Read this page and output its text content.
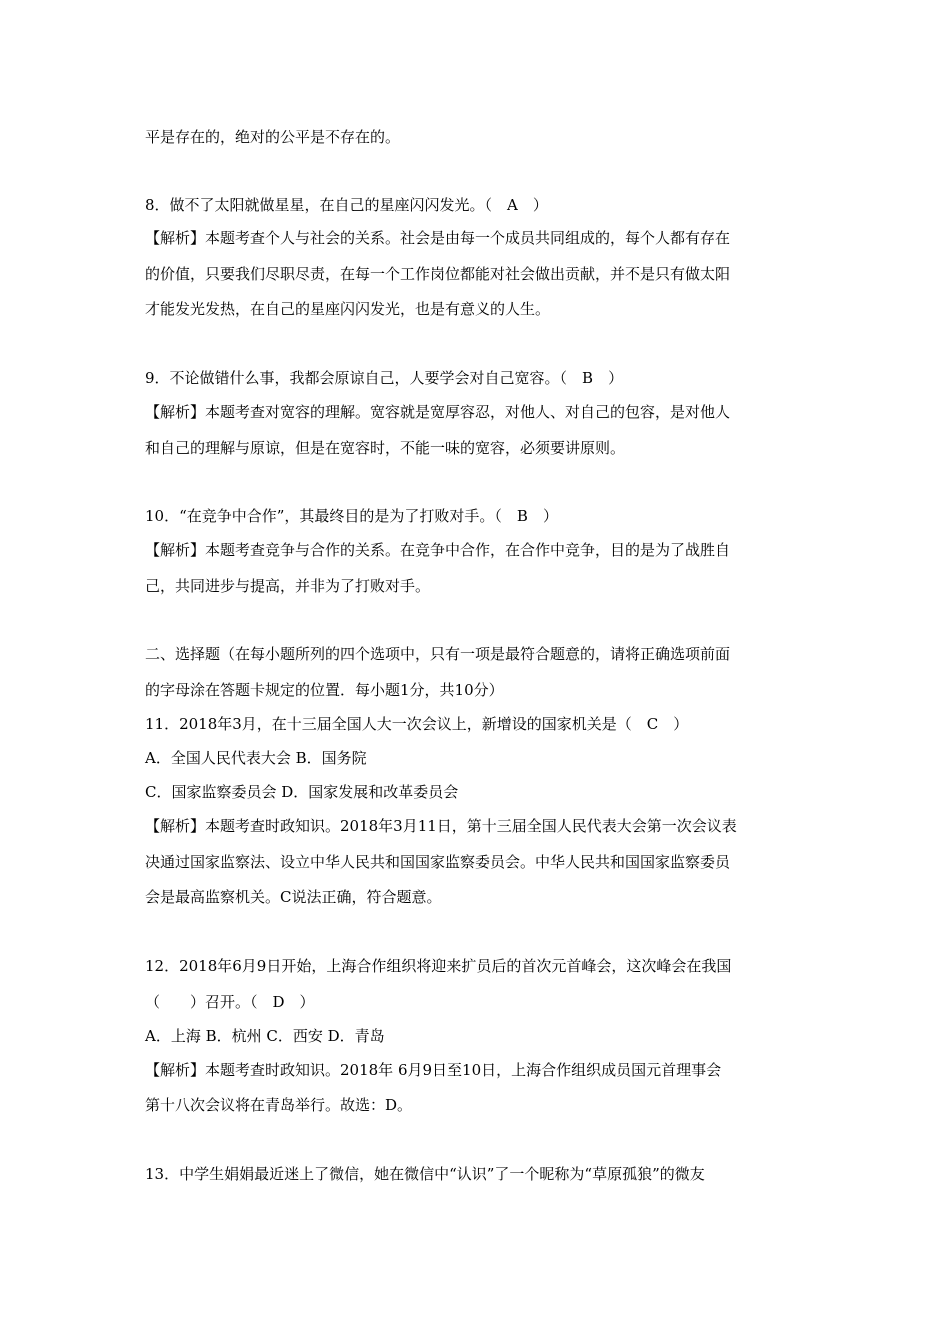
平是存在的，绝对的公平是不存在的。
8．做不了太阳就做星星，在自己的星座闪闪发光。（　A　）
【解析】本题考查个人与社会的关系。社会是由每一个成员共同组成的，每个人都有存在
的价值，只要我们尽职尽责，在每一个工作岗位都能对社会做出贡献，并不是只有做太阳
才能发光发热，在自己的星座闪闪发光，也是有意义的人生。
9．不论做错什么事，我都会原谅自己，人要学会对自己宽容。（　B　）
【解析】本题考查对宽容的理解。宽容就是宽厚容忍，对他人、对自己的包容，是对他人
和自己的理解与原谅，但是在宽容时，不能一味的宽容，必须要讲原则。
10．“在竞争中合作”，其最终目的是为了打败对手。（　B　）
【解析】本题考查竞争与合作的关系。在竞争中合作，在合作中竞争，目的是为了战胜自
己，共同进步与提高，并非为了打败对手。
二、选择题（在每小题所列的四个选项中，只有一项是最符合题意的，请将正确选项前面
的字母涂在答题卡规定的位置．每小题1分，共10分）
11．2018年3月，在十三届全国人大一次会议上，新增设的国家机关是（　C　）
A．全国人民代表大会 B．国务院
C．国家监察委员会 D．国家发展和改革委员会
【解析】本题考查时政知识。2018年3月11日，第十三届全国人民代表大会第一次会议表
决通过国家监察法、设立中华人民共和国国家监察委员会。中华人民共和国国家监察委员
会是最高监察机关。C说法正确，符合题意。
12．2018年6月9日开始，上海合作组织将迎来扩员后的首次元首峰会，这次峰会在我国
（　　）召开。（　D　）
A．上海 B．杭州 C．西安 D．青岛
【解析】本题考查时政知识。2018年 6月9日至10日，上海合作组织成员国元首理事会
第十八次会议将在青岛举行。故选：D。
13．中学生娟娟最近迷上了微信，她在微信中“认识”了一个昵称为“草原孤狼”的微友
